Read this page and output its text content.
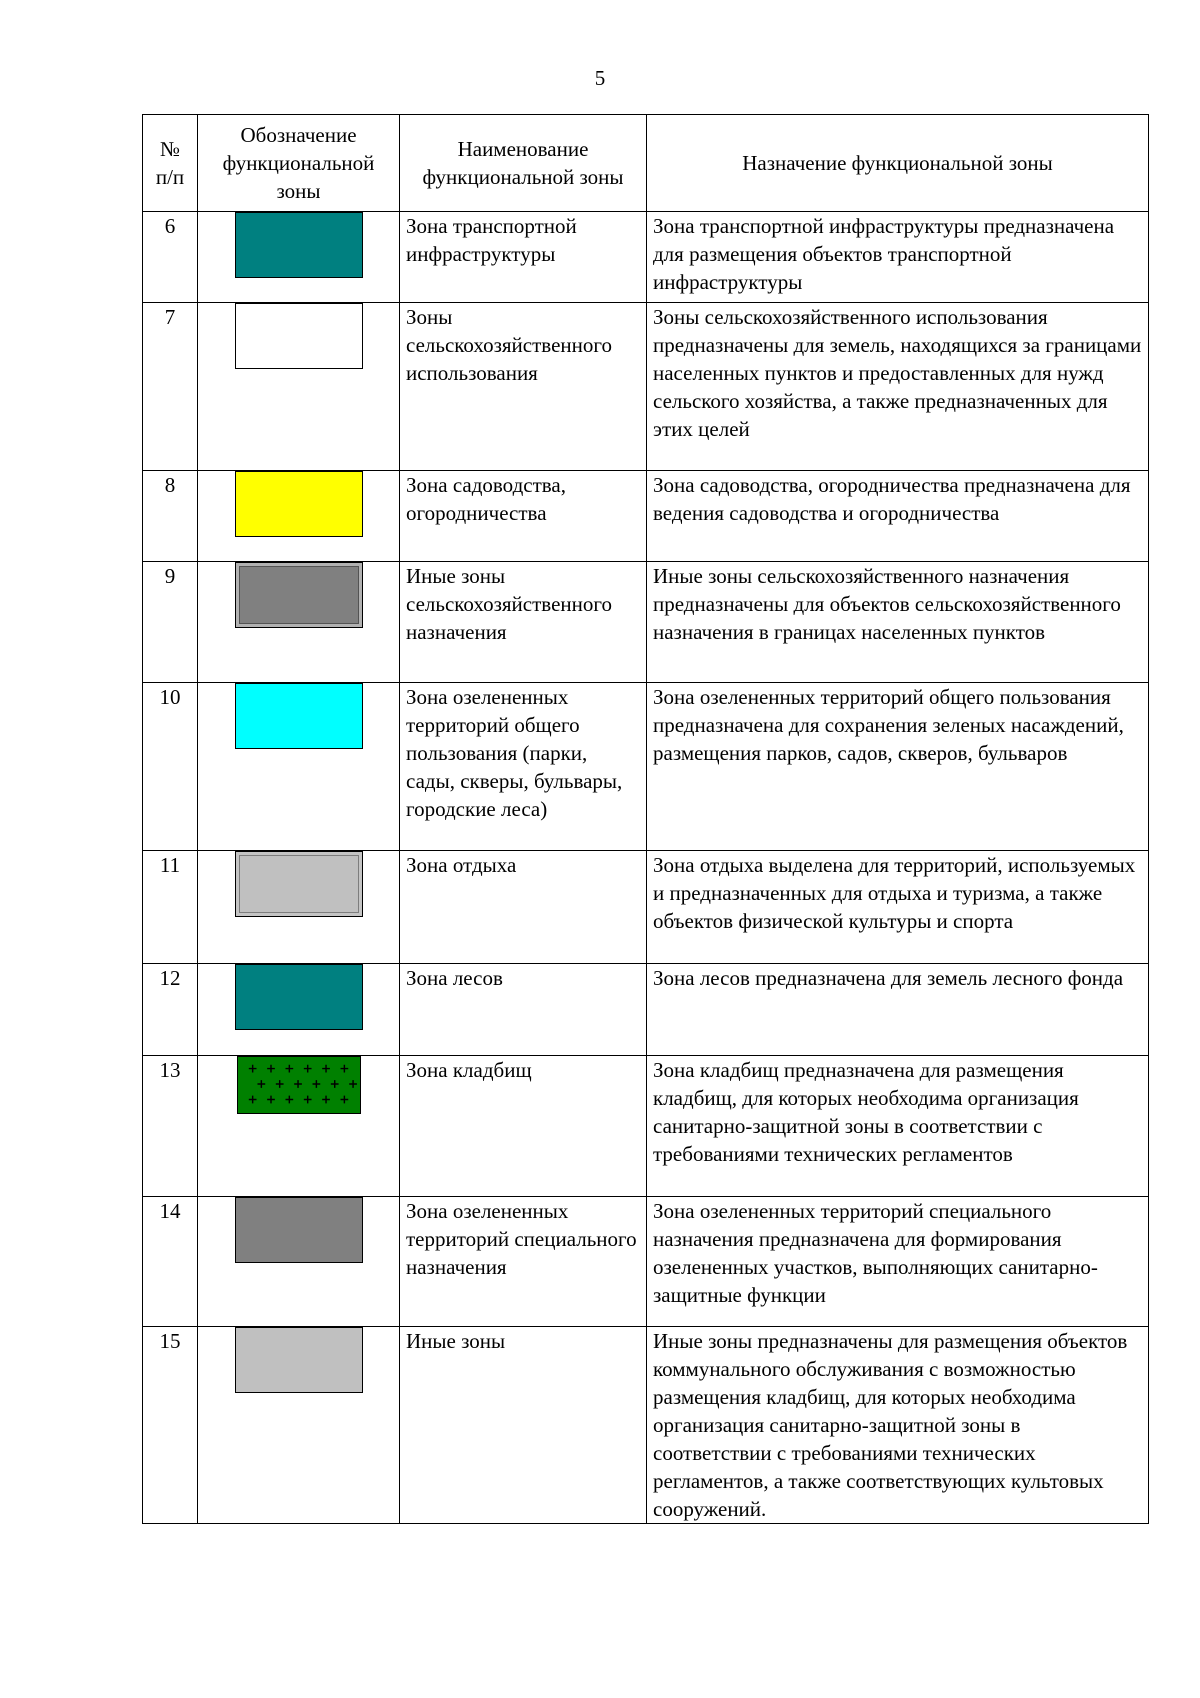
5
№ п/п	Обозначение функциональной зоны	Наименование функциональной зоны	Назначение функциональной зоны
6		Зона транспортной инфраструктуры	Зона транспортной инфраструктуры предназначена для размещения объектов транспортной инфраструктуры
7		Зоны сельскохозяйственного использования	Зоны сельскохозяйственного использования предназначены для земель, находящихся за границами населенных пунктов и предоставленных для нужд сельского хозяйства, а также предназначенных для этих целей
8		Зона садоводства, огородничества	Зона садоводства, огородничества предназначена для ведения садоводства и огородничества
9		Иные зоны сельскохозяйственного назначения	Иные зоны сельскохозяйственного назначения предназначены для объектов сельскохозяйственного назначения в границах населенных пунктов
10		Зона озелененных территорий общего пользования (парки, сады, скверы, бульвары, городские леса)	Зона озелененных территорий общего пользования предназначена для сохранения зеленых насаждений, размещения парков, садов, скверов, бульваров
11		Зона отдыха	Зона отдыха выделена для территорий, используемых и предназначенных для отдыха и туризма, а также объектов физической культуры и спорта
12		Зона лесов	Зона лесов предназначена для земель лесного фонда
13		Зона кладбищ	Зона кладбищ предназначена для размещения кладбищ, для которых необходима организация санитарно-защитной зоны в соответствии с требованиями технических регламентов
14		Зона озелененных территорий специального назначения	Зона озелененных территорий специального назначения предназначена для формирования озелененных участков, выполняющих санитарно-защитные функции
15		Иные зоны	Иные зоны предназначены для размещения объектов коммунального обслуживания с возможностью размещения кладбищ, для которых необходима организация санитарно-защитной зоны в соответствии с требованиями технических регламентов, а также соответствующих культовых сооружений.
